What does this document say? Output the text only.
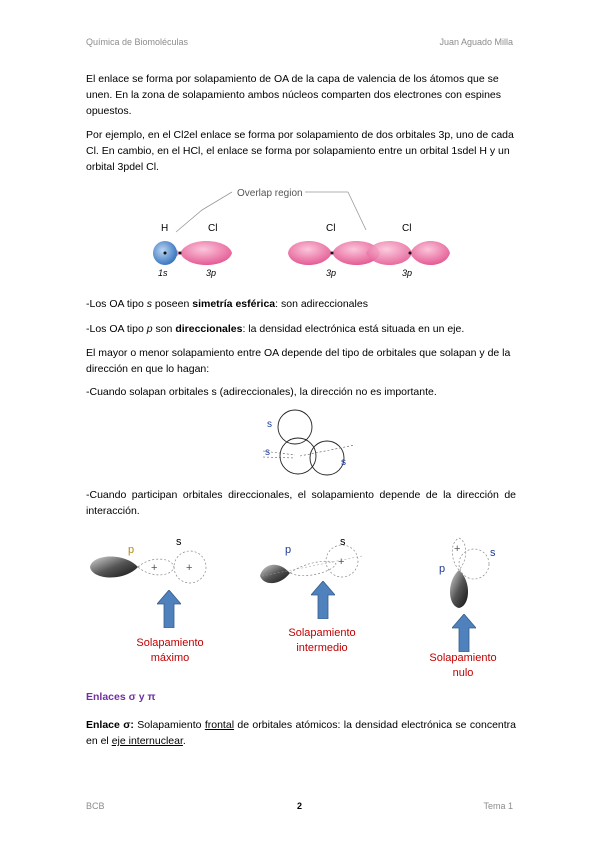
Química de Biomoléculas	Juan Aguado Milla

El enlace se forma por solapamiento de OA de la capa de valencia de los átomos que se unen. En la zona de solapamiento ambos núcleos comparten dos electrones con espines opuestos.

Por ejemplo, en el Cl2el enlace se forma por solapamiento de dos orbitales 3p, uno de cada Cl. En cambio, en el HCl, el enlace se forma por solapamiento entre un orbital 1sdel H y un orbital 3pdel Cl.

Overlap region
H	Cl
1s	3p
Cl	Cl
3p	3p

-Los OA tipo s poseen simetría esférica: son adireccionales

-Los OA tipo p son direccionales: la densidad electrónica está situada en un eje.

El mayor o menor solapamiento entre OA depende del tipo de orbitales que solapan y de la dirección en que lo hagan:

-Cuando solapan orbitales s (adireccionales), la dirección no es importante.

s
s
s

-Cuando participan orbitales direccionales, el solapamiento depende de la dirección de interacción.

p
s
+	+
p
s
+
p
s
+
Solapamiento
máximo
Solapamiento
intermedio
Solapamiento
nulo
Enlaces σ y π

Enlace σ: Solapamiento frontal de orbitales atómicos: la densidad electrónica se concentra en el eje internuclear.

BCB	2	Tema 1
